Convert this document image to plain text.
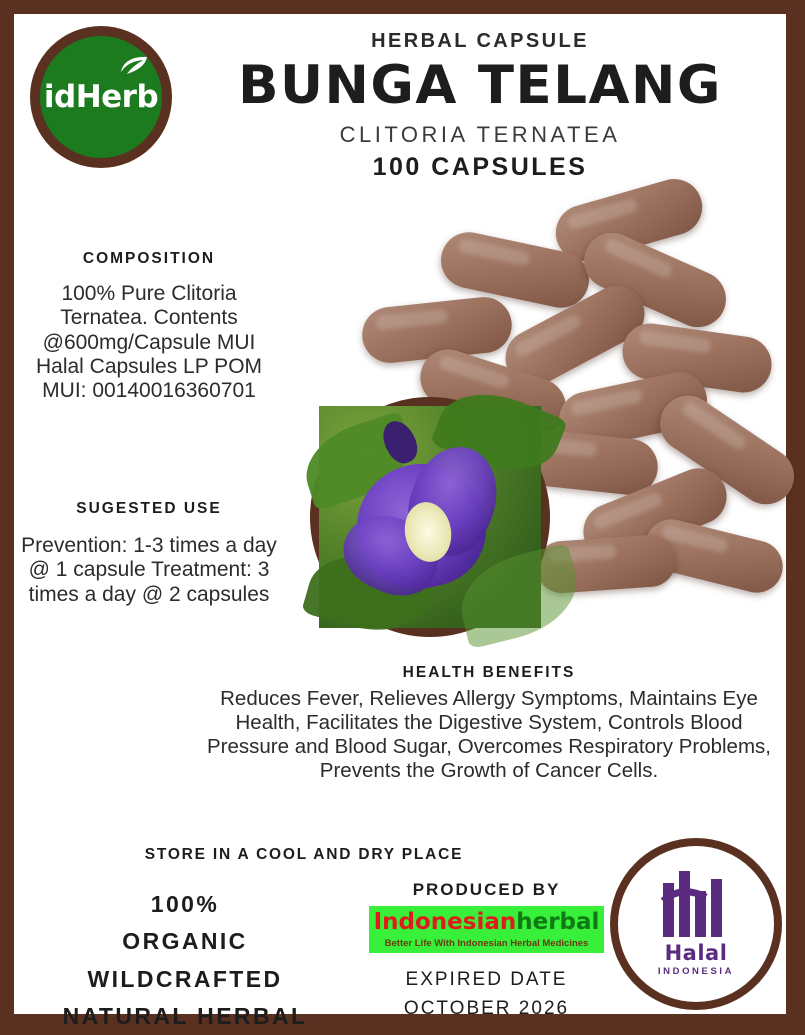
idHerb
HERBAL CAPSULE
BUNGA TELANG
CLITORIA TERNATEA
100 CAPSULES
COMPOSITION
100% Pure Clitoria Ternatea. Contents @600mg/Capsule MUI Halal Capsules LP POM MUI: 00140016360701
SUGESTED USE
Prevention: 1-3 times a day @ 1 capsule Treatment: 3 times a day @ 2 capsules
HEALTH BENEFITS
Reduces Fever, Relieves Allergy Symptoms, Maintains Eye Health, Facilitates the Digestive System, Controls Blood Pressure and Blood Sugar, Overcomes Respiratory Problems, Prevents the Growth of Cancer Cells.
STORE IN A COOL AND DRY PLACE
100%
ORGANIC
WILDCRAFTED
NATURAL HERBAL
PRODUCED BY
Indonesianherbal
Better Life With Indonesian Herbal Medicines
EXPIRED DATE
OCTOBER 2026
Halal
INDONESIA
